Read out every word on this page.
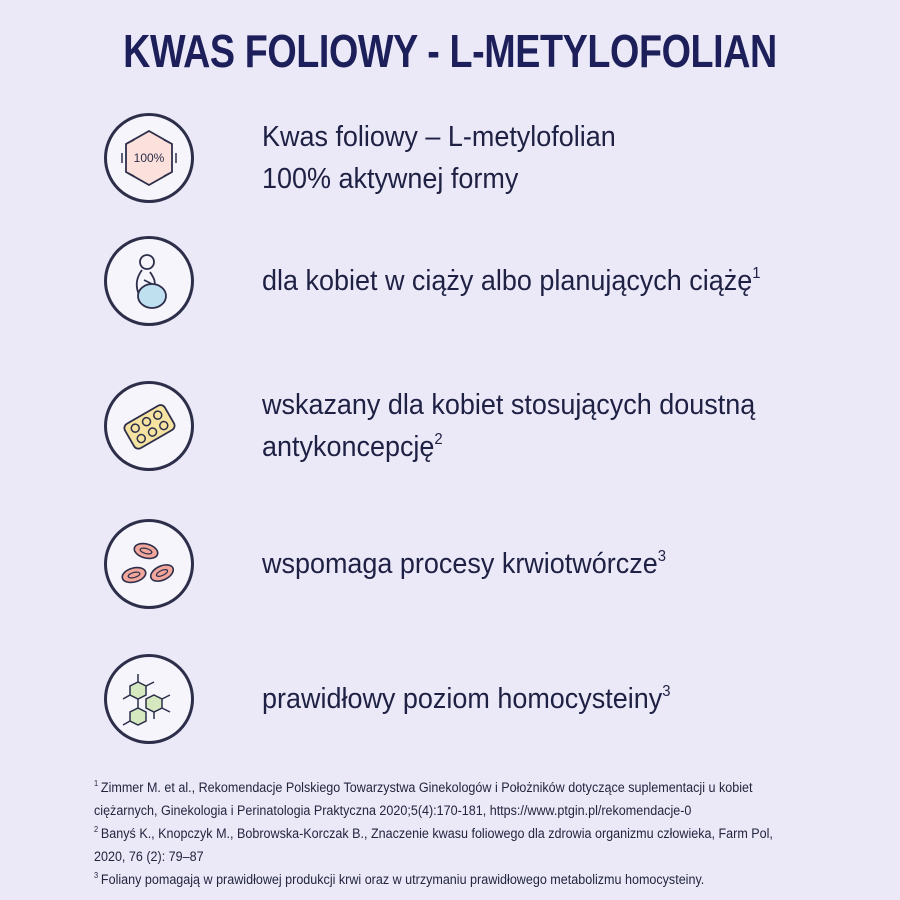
KWAS FOLIOWY - L-METYLOFOLIAN
100%
Kwas foliowy – L-metylofolian
100% aktywnej formy
dla kobiet w ciąży albo planujących ciążę$^1$
wskazany dla kobiet stosujących doustną
antykoncepcję$^2$
wspomaga procesy krwiotwórcze$^3$
prawidłowy poziom homocysteiny$^3$
$^1$ Zimmer M. et al., Rekomendacje Polskiego Towarzystwa Ginekologów i Położników dotyczące suplementacji u kobiet
ciężarnych, Ginekologia i Perinatologia Praktyczna 2020;5(4):170-181, https://www.ptgin.pl/rekomendacje-0
$^2$ Banyś K., Knopczyk M., Bobrowska-Korczak B., Znaczenie kwasu foliowego dla zdrowia organizmu człowieka, Farm Pol,
2020, 76 (2): 79–87
$^3$ Foliany pomagają w prawidłowej produkcji krwi oraz w utrzymaniu prawidłowego metabolizmu homocysteiny.
